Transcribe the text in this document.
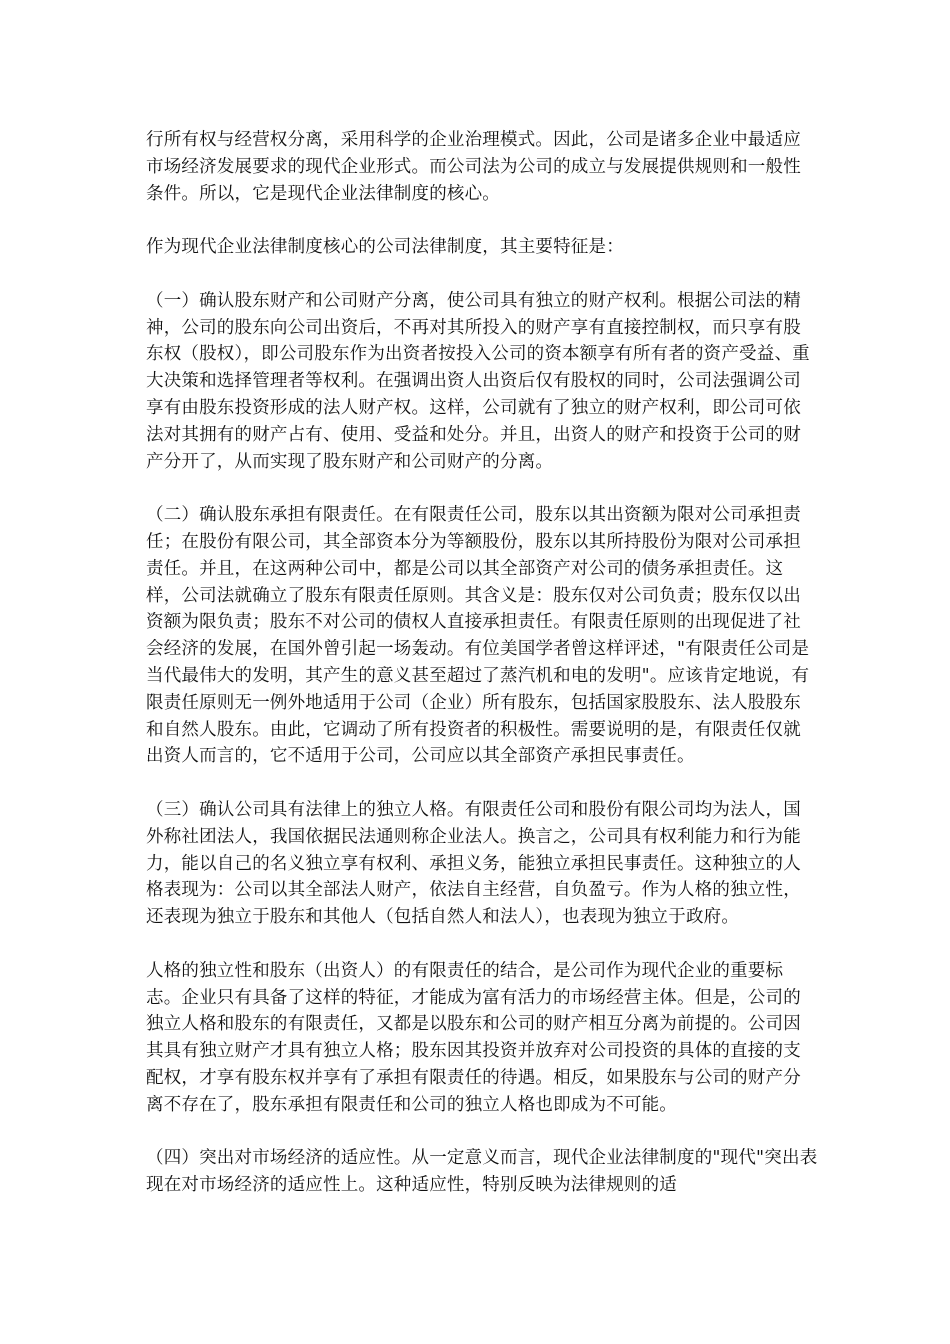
行所有权与经营权分离，采用科学的企业治理模式。因此，公司是诸多企业中最适应市场经济发展要求的现代企业形式。而公司法为公司的成立与发展提供规则和一般性条件。所以，它是现代企业法律制度的核心。

作为现代企业法律制度核心的公司法律制度，其主要特征是：

（一）确认股东财产和公司财产分离，使公司具有独立的财产权利。根据公司法的精神，公司的股东向公司出资后，不再对其所投入的财产享有直接控制权，而只享有股东权（股权），即公司股东作为出资者按投入公司的资本额享有所有者的资产受益、重大决策和选择管理者等权利。在强调出资人出资后仅有股权的同时，公司法强调公司享有由股东投资形成的法人财产权。这样，公司就有了独立的财产权利，即公司可依法对其拥有的财产占有、使用、受益和处分。并且，出资人的财产和投资于公司的财产分开了，从而实现了股东财产和公司财产的分离。

（二）确认股东承担有限责任。在有限责任公司，股东以其出资额为限对公司承担责任；在股份有限公司，其全部资本分为等额股份，股东以其所持股份为限对公司承担责任。并且，在这两种公司中，都是公司以其全部资产对公司的债务承担责任。这样，公司法就确立了股东有限责任原则。其含义是：股东仅对公司负责；股东仅以出资额为限负责；股东不对公司的债权人直接承担责任。有限责任原则的出现促进了社会经济的发展，在国外曾引起一场轰动。有位美国学者曾这样评述，"有限责任公司是当代最伟大的发明，其产生的意义甚至超过了蒸汽机和电的发明"。应该肯定地说，有限责任原则无一例外地适用于公司（企业）所有股东，包括国家股股东、法人股股东和自然人股东。由此，它调动了所有投资者的积极性。需要说明的是，有限责任仅就出资人而言的，它不适用于公司，公司应以其全部资产承担民事责任。

（三）确认公司具有法律上的独立人格。有限责任公司和股份有限公司均为法人，国外称社团法人，我国依据民法通则称企业法人。换言之，公司具有权利能力和行为能力，能以自己的名义独立享有权利、承担义务，能独立承担民事责任。这种独立的人格表现为：公司以其全部法人财产，依法自主经营，自负盈亏。作为人格的独立性，还表现为独立于股东和其他人（包括自然人和法人），也表现为独立于政府。

人格的独立性和股东（出资人）的有限责任的结合，是公司作为现代企业的重要标志。企业只有具备了这样的特征，才能成为富有活力的市场经营主体。但是，公司的独立人格和股东的有限责任，又都是以股东和公司的财产相互分离为前提的。公司因其具有独立财产才具有独立人格；股东因其投资并放弃对公司投资的具体的直接的支配权，才享有股东权并享有了承担有限责任的待遇。相反，如果股东与公司的财产分离不存在了，股东承担有限责任和公司的独立人格也即成为不可能。

（四）突出对市场经济的适应性。从一定意义而言，现代企业法律制度的"现代"突出表现在对市场经济的适应性上。这种适应性，特别反映为法律规则的适
